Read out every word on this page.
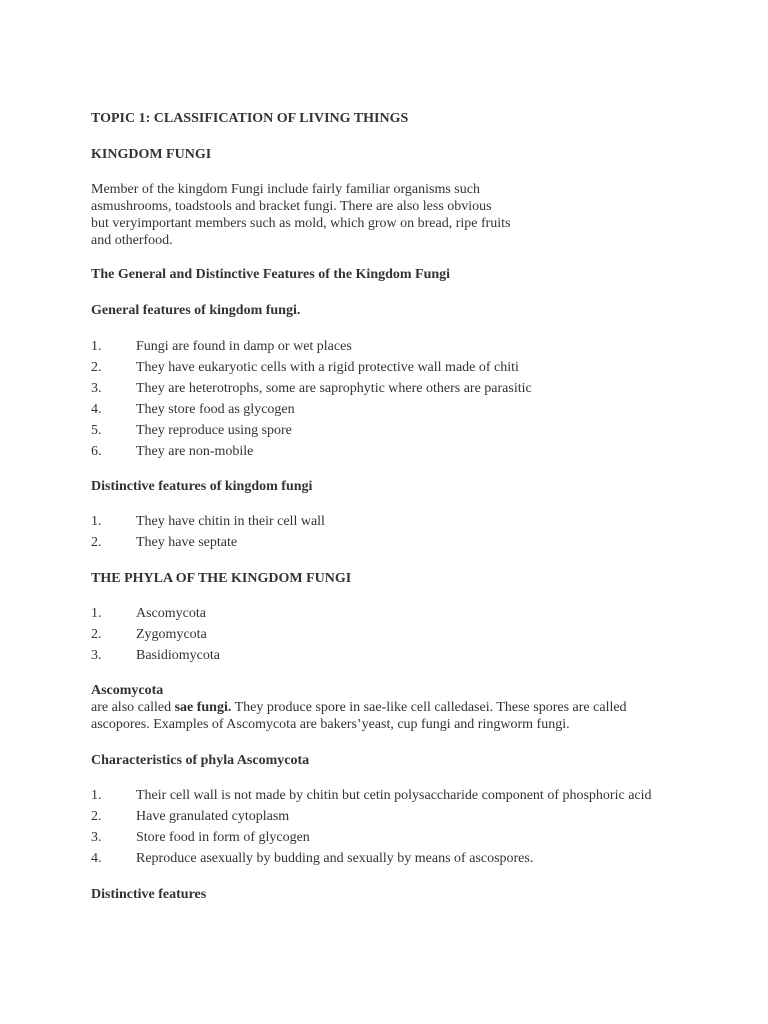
TOPIC 1: CLASSIFICATION OF LIVING THINGS
KINGDOM FUNGI

Member of the kingdom Fungi include fairly familiar organisms such
asmushrooms, toadstools and bracket fungi. There are also less obvious
but veryimportant members such as mold, which grow on bread, ripe fruits
and otherfood.

The General and Distinctive Features of the Kingdom Fungi
General features of kingdom fungi.
1.	Fungi are found in damp or wet places
2.	They have eukaryotic cells with a rigid protective wall made of chiti
3.	They are heterotrophs, some are saprophytic where others are parasitic
4.	They store food as glycogen
5.	They reproduce using spore
6.	They are non-mobile
Distinctive features of kingdom fungi
1.	They have chitin in their cell wall
2.	They have septate
THE PHYLA OF THE KINGDOM FUNGI
1.	Ascomycota
2.	Zygomycota
3.	Basidiomycota
Ascomycota

are also called sae fungi. They produce spore in sae-like cell calledasei. These spores are called
ascopores. Examples of Ascomycota are bakers’yeast, cup fungi and ringworm fungi.

Characteristics of phyla Ascomycota
1.	Their cell wall is not made by chitin but cetin polysaccharide component of phosphoric acid
2.	Have granulated cytoplasm
3.	Store food in form of glycogen
4.	Reproduce asexually by budding and sexually by means of ascospores.
Distinctive features
